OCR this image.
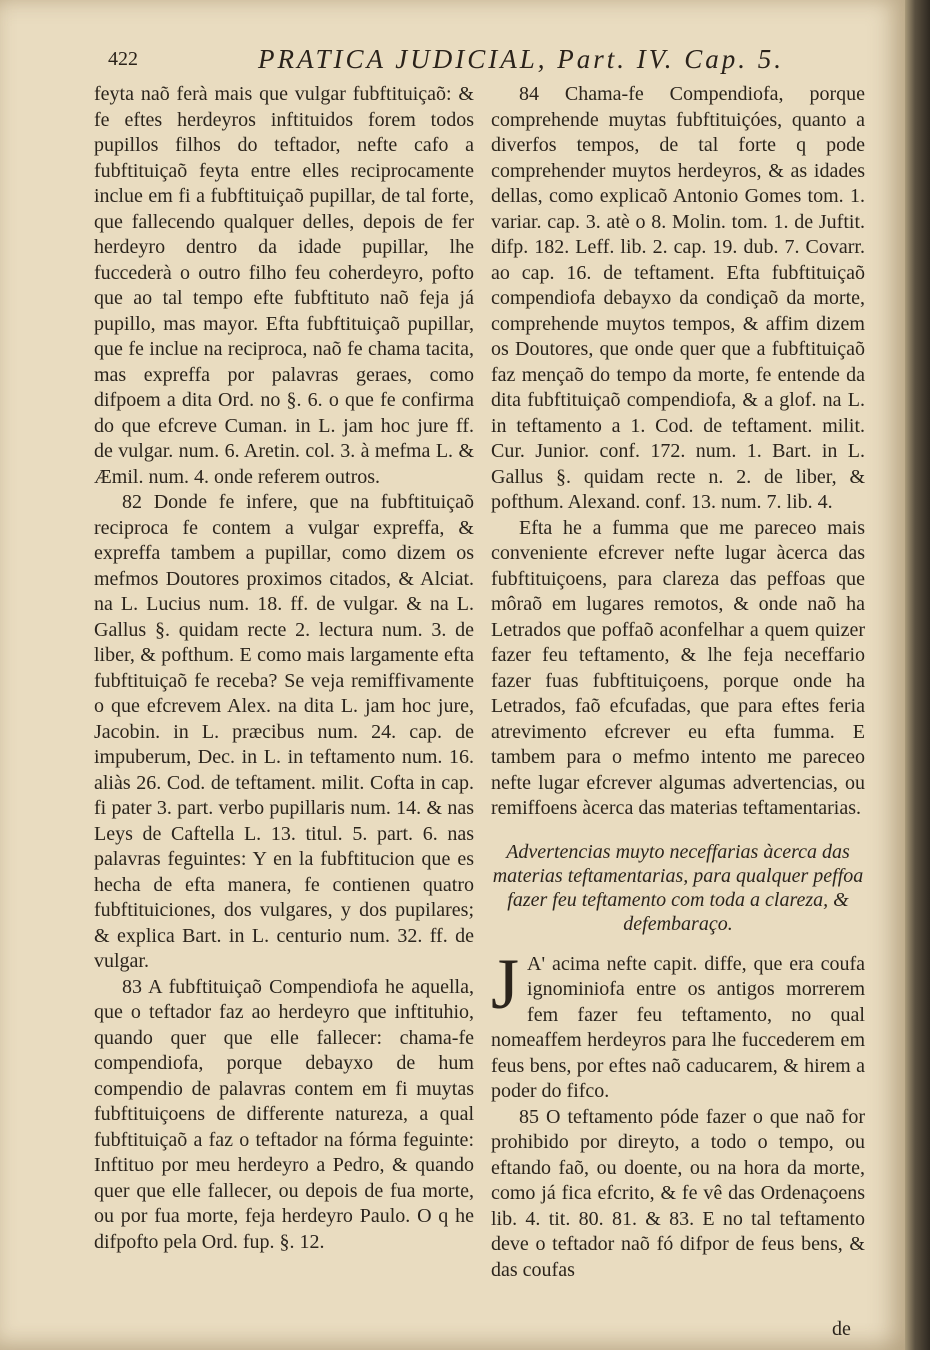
422	PRATICA JUDICIAL, Part. IV. Cap. 5.

feyta naõ ferà mais que vulgar fubftituiçaõ: & fe eftes herdeyros inftituidos forem todos pupillos filhos do teftador, nefte cafo a fubftituiçaõ feyta entre elles reciprocamente inclue em fi a fubftituiçaõ pupillar, de tal forte, que fallecendo qualquer delles, depois de fer herdeyro dentro da idade pupillar, lhe fuccederà o outro filho feu coherdeyro, pofto que ao tal tempo efte fubftituto naõ feja já pupillo, mas mayor. Efta fubftituiçaõ pupillar, que fe inclue na reciproca, naõ fe chama tacita, mas expreffa por palavras geraes, como difpoem a dita Ord. no §. 6. o que fe confirma do que efcreve Cuman. in L. jam hoc jure ff. de vulgar. num. 6. Aretin. col. 3. à mefma L. & Æmil. num. 4. onde referem outros.

82 Donde fe infere, que na fubftituiçaõ reciproca fe contem a vulgar expreffa, & expreffa tambem a pupillar, como dizem os mefmos Doutores proximos citados, & Alciat. na L. Lucius num. 18. ff. de vulgar. & na L. Gallus §. quidam recte 2. lectura num. 3. de liber, & pofthum. E como mais largamente efta fubftituiçaõ fe receba? Se veja remiffivamente o que efcrevem Alex. na dita L. jam hoc jure, Jacobin. in L. præcibus num. 24. cap. de impuberum, Dec. in L. in teftamento num. 16. aliàs 26. Cod. de teftament. milit. Cofta in cap. fi pater 3. part. verbo pupillaris num. 14. & nas Leys de Caftella L. 13. titul. 5. part. 6. nas palavras feguintes: Y en la fubftitucion que es hecha de efta manera, fe contienen quatro fubftituiciones, dos vulgares, y dos pupilares; & explica Bart. in L. centurio num. 32. ff. de vulgar.

83 A fubftituiçaõ Compendiofa he aquella, que o teftador faz ao herdeyro que inftituhio, quando quer que elle fallecer: chama-fe compendiofa, porque debayxo de hum compendio de palavras contem em fi muytas fubftituiçoens de differente natureza, a qual fubftituiçaõ a faz o teftador na fórma feguinte: Inftituo por meu herdeyro a Pedro, & quando quer que elle fallecer, ou depois de fua morte, ou por fua morte, feja herdeyro Paulo. O q he difpofto pela Ord. fup. §. 12.

84 Chama-fe Compendiofa, porque comprehende muytas fubftituiçóes, quanto a diverfos tempos, de tal forte q pode comprehender muytos herdeyros, & as idades dellas, como explicaõ Antonio Gomes tom. 1. variar. cap. 3. atè o 8. Molin. tom. 1. de Juftit. difp. 182. Leff. lib. 2. cap. 19. dub. 7. Covarr. ao cap. 16. de teftament. Efta fubftituiçaõ compendiofa debayxo da condiçaõ da morte, comprehende muytos tempos, & affim dizem os Doutores, que onde quer que a fubftituiçaõ faz mençaõ do tempo da morte, fe entende da dita fubftituiçaõ compendiofa, & a glof. na L. in teftamento a 1. Cod. de teftament. milit. Cur. Junior. conf. 172. num. 1. Bart. in L. Gallus §. quidam recte n. 2. de liber, & pofthum. Alexand. conf. 13. num. 7. lib. 4.

Efta he a fumma que me pareceo mais conveniente efcrever nefte lugar àcerca das fubftituiçoens, para clareza das peffoas que môraõ em lugares remotos, & onde naõ ha Letrados que poffaõ aconfelhar a quem quizer fazer feu teftamento, & lhe feja neceffario fazer fuas fubftituiçoens, porque onde ha Letrados, faõ efcufadas, que para eftes feria atrevimento efcrever eu efta fumma. E tambem para o mefmo intento me pareceo nefte lugar efcrever algumas advertencias, ou remiffoens àcerca das materias teftamentarias.

Advertencias muyto neceffarias àcerca das materias teftamentarias, para qualquer peffoa fazer feu teftamento com toda a clareza, & defembaraço.

J A' acima nefte capit. diffe, que era coufa ignominiofa entre os antigos morrerem fem fazer feu teftamento, no qual nomeaffem herdeyros para lhe fuccederem em feus bens, por eftes naõ caducarem, & hirem a poder do fifco.

85 O teftamento póde fazer o que naõ for prohibido por direyto, a todo o tempo, ou eftando faõ, ou doente, ou na hora da morte, como já fica efcrito, & fe vê das Ordenaçoens lib. 4. tit. 80. 81. & 83. E no tal teftamento deve o teftador naõ fó difpor de feus bens, & das coufas

de
